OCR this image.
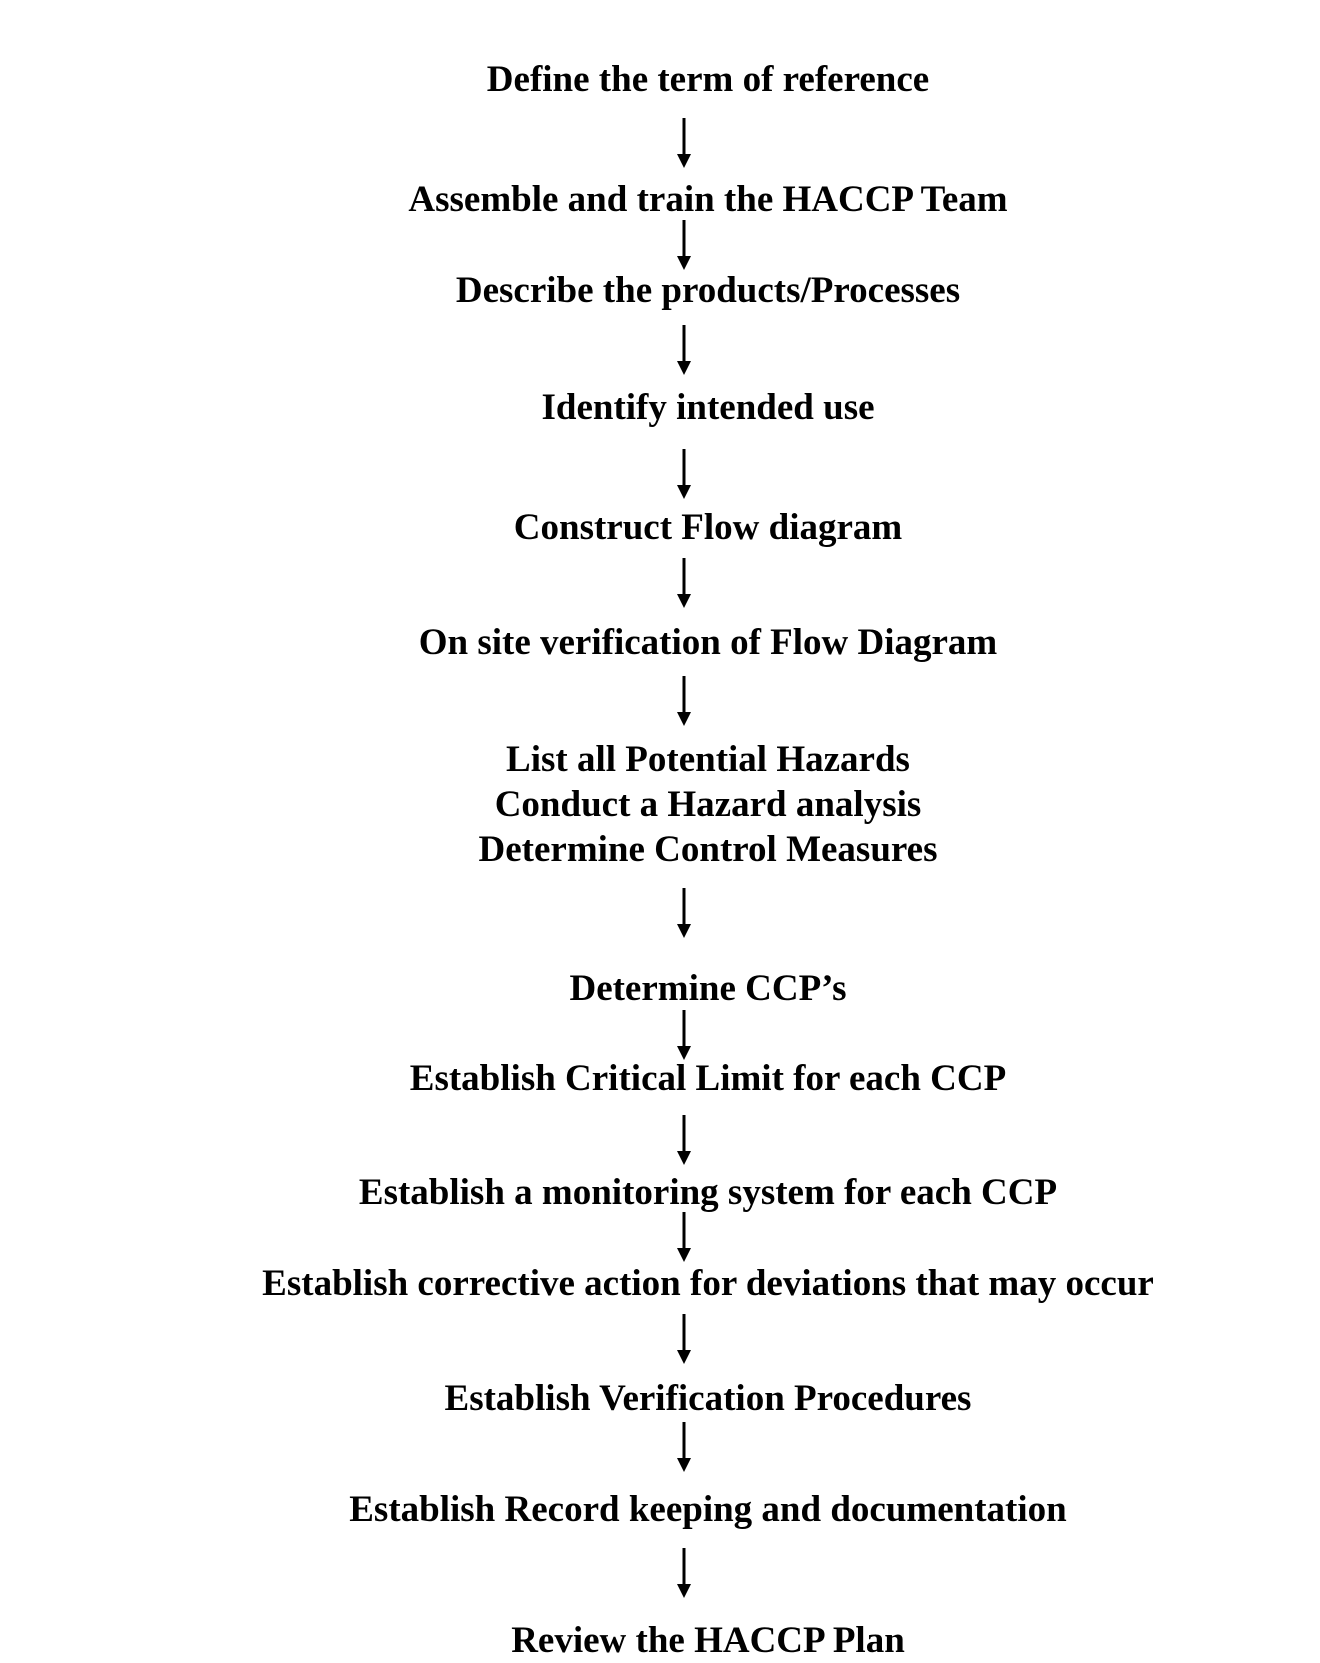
Define the term of reference
Assemble and train the HACCP Team
Describe the products/Processes
Identify intended use
Construct Flow diagram
On site verification of Flow Diagram
List all Potential Hazards
Conduct a Hazard analysis
Determine Control Measures
Determine CCP’s
Establish Critical Limit for each CCP
Establish a monitoring system for each CCP
Establish corrective action for deviations that may occur
Establish Verification Procedures
Establish Record keeping and documentation
Review the HACCP Plan
